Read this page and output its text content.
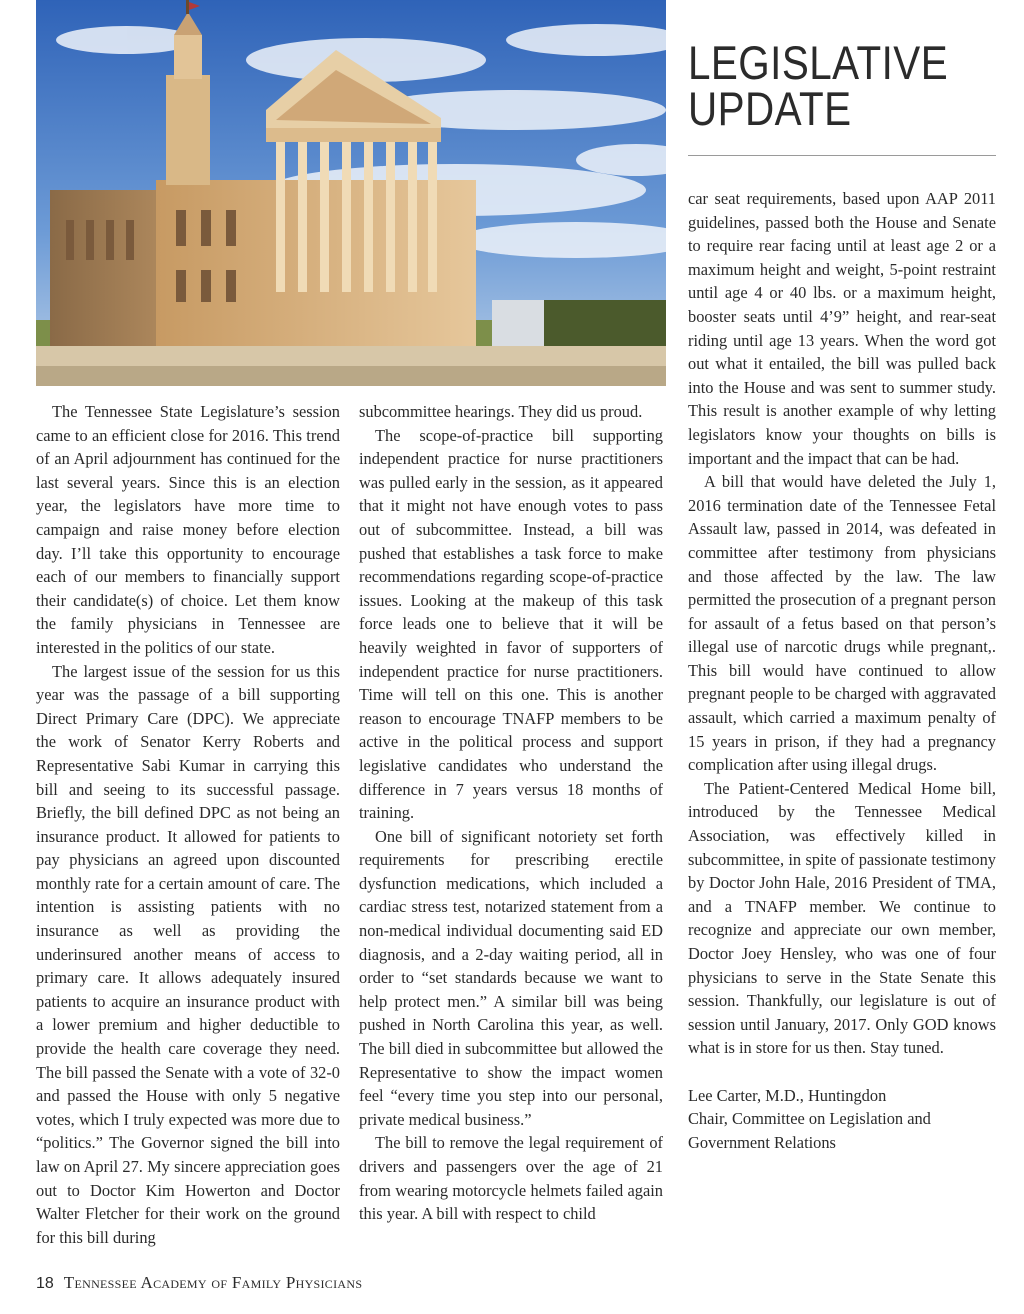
LEGISLATIVE
UPDATE

The Tennessee State Legislature’s session came to an efficient close for 2016. This trend of an April adjournment has continued for the last several years. Since this is an election year, the legislators have more time to campaign and raise money before election day. I’ll take this opportunity to encourage each of our members to financially support their candidate(s) of choice. Let them know the family physicians in Tennessee are interested in the politics of our state.

The largest issue of the session for us this year was the passage of a bill supporting Direct Primary Care (DPC). We appreciate the work of Senator Kerry Roberts and Representative Sabi Kumar in carrying this bill and seeing to its successful passage. Briefly, the bill defined DPC as not being an insurance product. It allowed for patients to pay physicians an agreed upon discounted monthly rate for a certain amount of care. The intention is assisting patients with no insurance as well as providing the underinsured another means of access to primary care. It allows adequately insured patients to acquire an insurance product with a lower premium and higher deductible to provide the health care coverage they need. The bill passed the Senate with a vote of 32-0 and passed the House with only 5 negative votes, which I truly expected was more due to “politics.” The Governor signed the bill into law on April 27. My sincere appreciation goes out to Doctor Kim Howerton and Doctor Walter Fletcher for their work on the ground for this bill during

subcommittee hearings. They did us proud.

The scope-of-practice bill supporting independent practice for nurse practitioners was pulled early in the session, as it appeared that it might not have enough votes to pass out of subcommittee. Instead, a bill was pushed that establishes a task force to make recommendations regarding scope-of-practice issues. Looking at the makeup of this task force leads one to believe that it will be heavily weighted in favor of supporters of independent practice for nurse practitioners. Time will tell on this one. This is another reason to encourage TNAFP members to be active in the political process and support legislative candidates who understand the difference in 7 years versus 18 months of training.

One bill of significant notoriety set forth requirements for prescribing erectile dysfunction medications, which included a cardiac stress test, notarized statement from a non-medical individual documenting said ED diagnosis, and a 2-day waiting period, all in order to “set standards because we want to help protect men.” A similar bill was being pushed in North Carolina this year, as well. The bill died in subcommittee but allowed the Representative to show the impact women feel “every time you step into our personal, private medical business.”

The bill to remove the legal requirement of drivers and passengers over the age of 21 from wearing motorcycle helmets failed again this year. A bill with respect to child

car seat requirements, based upon AAP 2011 guidelines, passed both the House and Senate to require rear facing until at least age 2 or a maximum height and weight, 5-point restraint until age 4 or 40 lbs. or a maximum height, booster seats until 4’9” height, and rear-seat riding until age 13 years. When the word got out what it entailed, the bill was pulled back into the House and was sent to summer study. This result is another example of why letting legislators know your thoughts on bills is important and the impact that can be had.

A bill that would have deleted the July 1, 2016 termination date of the Tennessee Fetal Assault law, passed in 2014, was defeated in committee after testimony from physicians and those affected by the law. The law permitted the prosecution of a pregnant person for assault of a fetus based on that person’s illegal use of narcotic drugs while pregnant,. This bill would have continued to allow pregnant people to be charged with aggravated assault, which carried a maximum penalty of 15 years in prison, if they had a pregnancy complication after using illegal drugs.

The Patient-Centered Medical Home bill, introduced by the Tennessee Medical Association, was effectively killed in subcommittee, in spite of passionate testimony by Doctor John Hale, 2016 President of TMA, and a TNAFP member. We continue to recognize and appreciate our own member, Doctor Joey Hensley, who was one of four physicians to serve in the State Senate this session. Thankfully, our legislature is out of session until January, 2017. Only GOD knows what is in store for us then. Stay tuned.

Lee Carter, M.D., Huntingdon
Chair, Committee on Legislation and
Government Relations

18 Tennessee Academy of Family Physicians
